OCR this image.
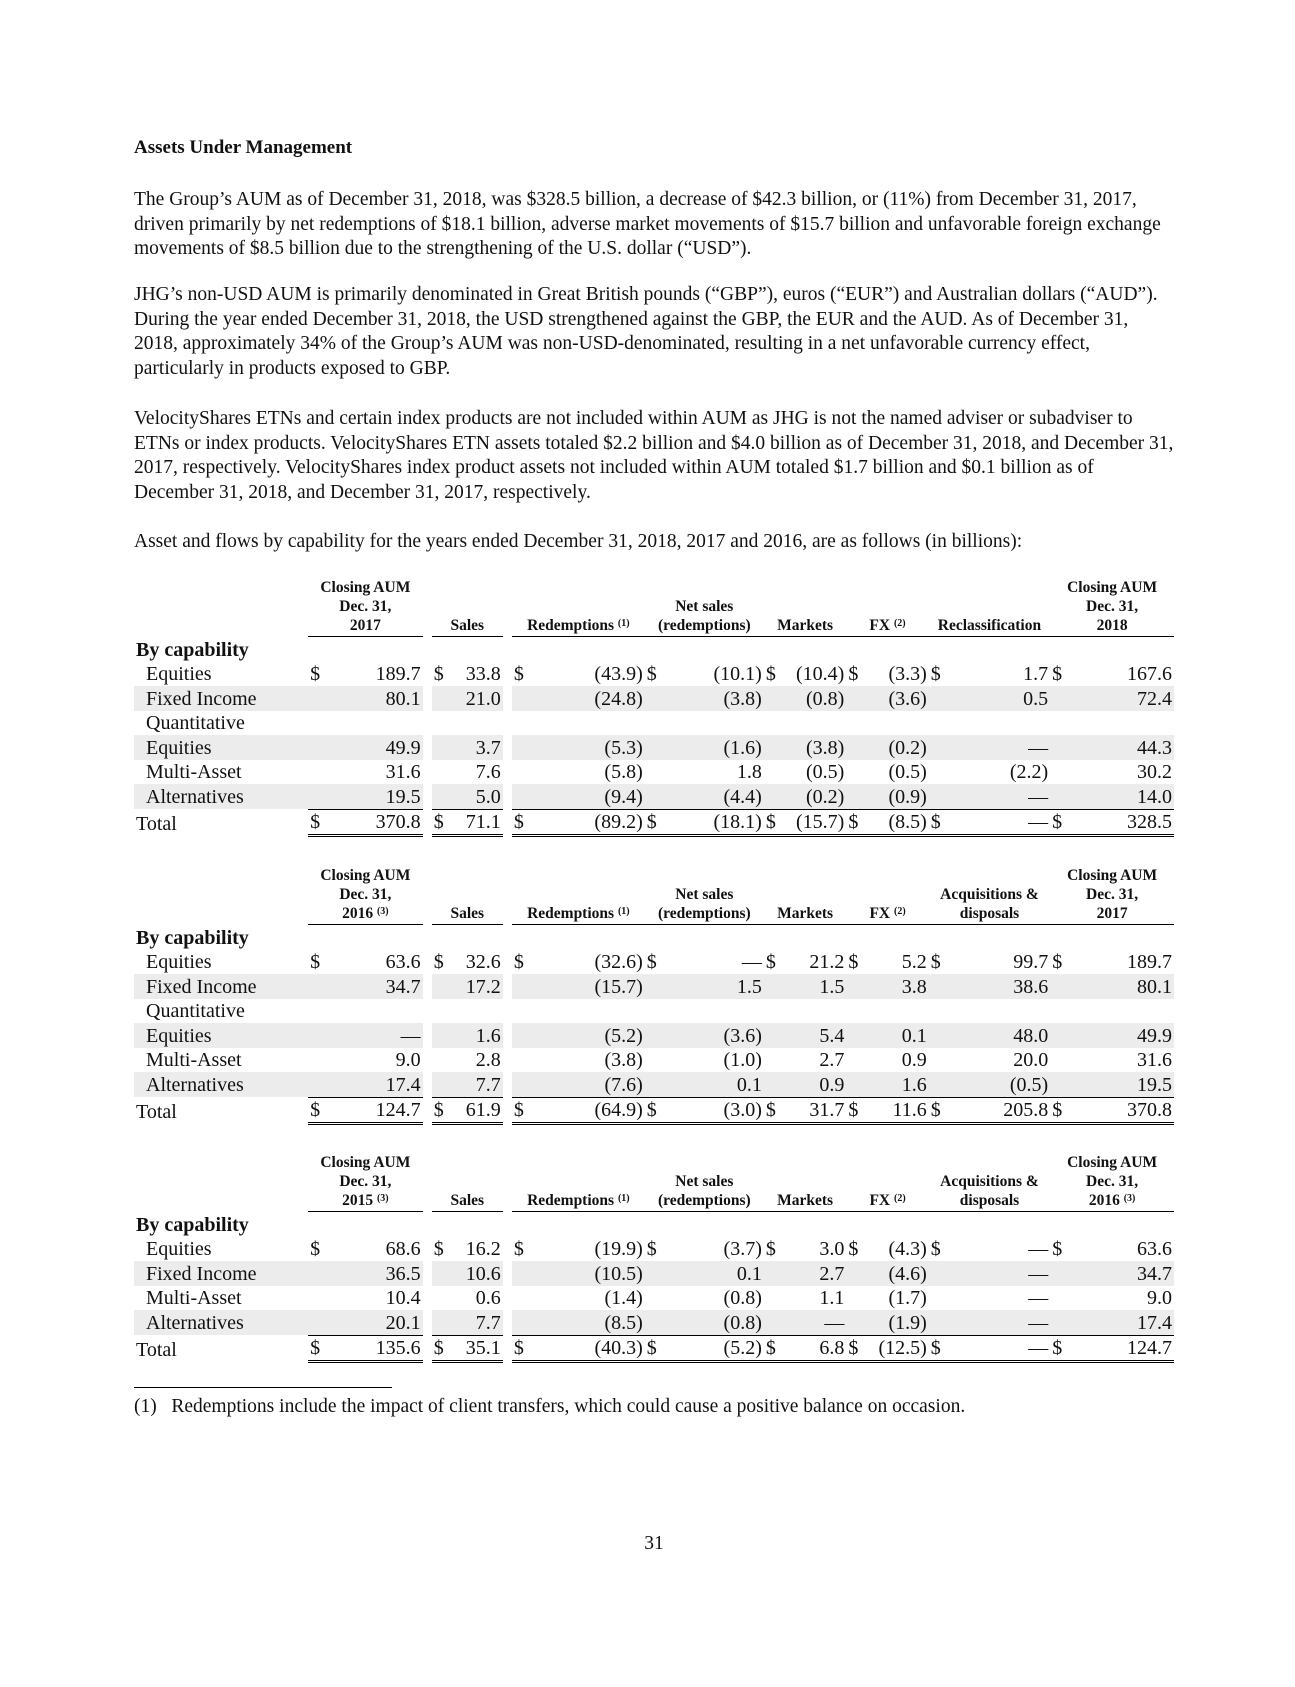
Assets Under Management

The Group’s AUM as of December 31, 2018, was $328.5 billion, a decrease of $42.3 billion, or (11%) from December 31, 2017, driven primarily by net redemptions of $18.1 billion, adverse market movements of $15.7 billion and unfavorable foreign exchange movements of $8.5 billion due to the strengthening of the U.S. dollar (“USD”).

JHG’s non-USD AUM is primarily denominated in Great British pounds (“GBP”), euros (“EUR”) and Australian dollars (“AUD”). During the year ended December 31, 2018, the USD strengthened against the GBP, the EUR and the AUD. As of December 31, 2018, approximately 34% of the Group’s AUM was non-USD-denominated, resulting in a net unfavorable currency effect, particularly in products exposed to GBP.

VelocityShares ETNs and certain index products are not included within AUM as JHG is not the named adviser or subadviser to ETNs or index products. VelocityShares ETN assets totaled $2.2 billion and $4.0 billion as of December 31, 2018, and December 31, 2017, respectively. VelocityShares index product assets not included within AUM totaled $1.7 billion and $0.1 billion as of December 31, 2018, and December 31, 2017, respectively.

Asset and flows by capability for the years ended December 31, 2018, 2017 and 2016, are as follows (in billions):

	Closing AUM
Dec. 31,
2017			Sales			Redemptions $^{(1)}$		Net sales
(redemptions)		Markets		FX $^{(2)}$		Reclassification		Closing AUM
Dec. 31,
2018	
By capability																		
Equities	$	189.7		$	33.8		$	(43.9)	$	(10.1)	$	(10.4)	$	(3.3)	$	1.7	$	167.6
Fixed Income		80.1			21.0			(24.8)		(3.8)		(0.8)		(3.6)		0.5		72.4
Quantitative																		
Equities		49.9			3.7			(5.3)		(1.6)		(3.8)		(0.2)		—		44.3
Multi-Asset		31.6			7.6			(5.8)		1.8		(0.5)		(0.5)		(2.2)		30.2
Alternatives		19.5			5.0			(9.4)		(4.4)		(0.2)		(0.9)		—		14.0
Total	$	370.8		$	71.1		$	(89.2)	$	(18.1)	$	(15.7)	$	(8.5)	$	—	$	328.5
	Closing AUM
Dec. 31,
2016 $^{(3)}$			Sales			Redemptions $^{(1)}$		Net sales
(redemptions)		Markets		FX $^{(2)}$		Acquisitions &
disposals		Closing AUM
Dec. 31,
2017	
By capability																		
Equities	$	63.6		$	32.6		$	(32.6)	$	—	$	21.2	$	5.2	$	99.7	$	189.7
Fixed Income		34.7			17.2			(15.7)		1.5		1.5		3.8		38.6		80.1
Quantitative																		
Equities		—			1.6			(5.2)		(3.6)		5.4		0.1		48.0		49.9
Multi-Asset		9.0			2.8			(3.8)		(1.0)		2.7		0.9		20.0		31.6
Alternatives		17.4			7.7			(7.6)		0.1		0.9		1.6		(0.5)		19.5
Total	$	124.7		$	61.9		$	(64.9)	$	(3.0)	$	31.7	$	11.6	$	205.8	$	370.8
	Closing AUM
Dec. 31,
2015 $^{(3)}$			Sales			Redemptions $^{(1)}$		Net sales
(redemptions)		Markets		FX $^{(2)}$		Acquisitions &
disposals		Closing AUM
Dec. 31,
2016 $^{(3)}$
By capability																		
Equities	$	68.6		$	16.2		$	(19.9)	$	(3.7)	$	3.0	$	(4.3)	$	—	$	63.6
Fixed Income		36.5			10.6			(10.5)		0.1		2.7		(4.6)		—		34.7
Multi-Asset		10.4			0.6			(1.4)		(0.8)		1.1		(1.7)		—		9.0
Alternatives		20.1			7.7			(8.5)		(0.8)		—		(1.9)		—		17.4
Total	$	135.6		$	35.1		$	(40.3)	$	(5.2)	$	6.8	$	(12.5)	$	—	$	124.7
(1)  Redemptions include the impact of client transfers, which could cause a positive balance on occasion.
31
